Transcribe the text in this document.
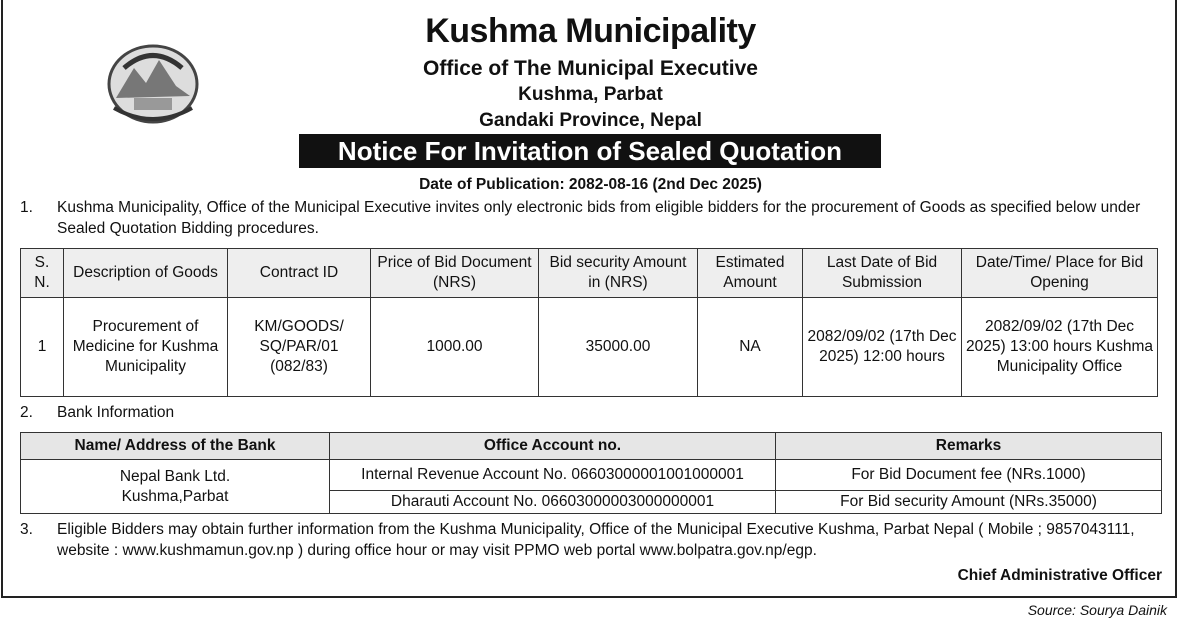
Kushma Municipality
Office of The Municipal Executive
Kushma, Parbat
Gandaki Province, Nepal
Notice For Invitation of Sealed Quotation
Date of Publication: 2082-08-16 (2nd Dec 2025)
1. Kushma Municipality, Office of the Municipal Executive invites only electronic bids from eligible bidders for the procurement of Goods as specified below under Sealed Quotation Bidding procedures.
S. N.	Description of Goods	Contract ID	Price of Bid Document (NRS)	Bid security Amount in (NRS)	Estimated Amount	Last Date of Bid Submission	Date/Time/ Place for Bid Opening
1	Procurement of Medicine for Kushma Municipality	KM/GOODS/ SQ/PAR/01 (082/83)	1000.00	35000.00	NA	2082/09/02 (17th Dec 2025) 12:00 hours	2082/09/02 (17th Dec 2025) 13:00 hours Kushma Municipality Office
2. Bank Information
Name/ Address of the Bank	Office Account no.	Remarks
Nepal Bank Ltd. Kushma,Parbat	Internal Revenue Account No. 06603000001001000001	For Bid Document fee (NRs.1000)
	Dharauti Account No. 06603000003000000001	For Bid security Amount (NRs.35000)
3. Eligible Bidders may obtain further information from the Kushma Municipality, Office of the Municipal Executive Kushma, Parbat Nepal ( Mobile ; 9857043111, website : www.kushmamun.gov.np ) during office hour or may visit PPMO web portal www.bolpatra.gov.np/egp.
Chief Administrative Officer
Source: Sourya Dainik
